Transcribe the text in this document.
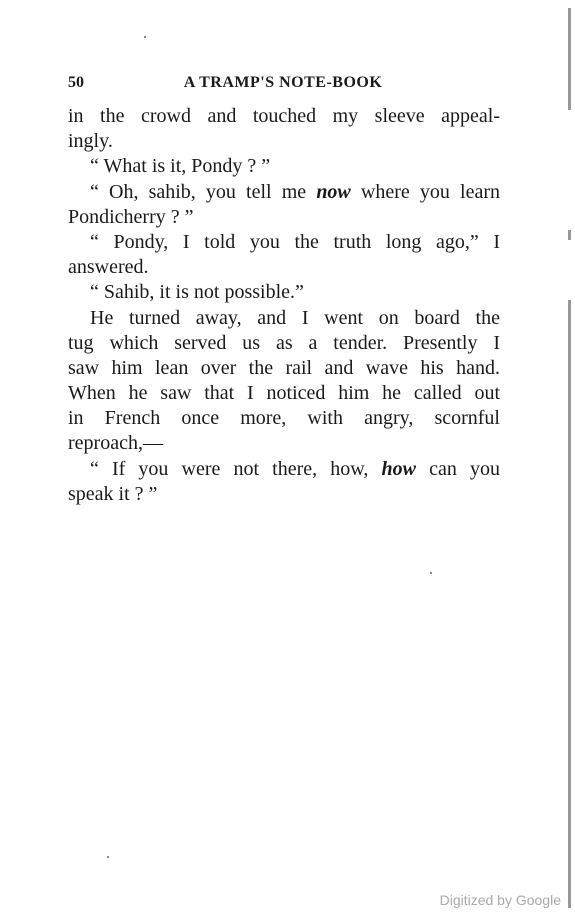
50	A TRAMP'S NOTE-BOOK
in the crowd and touched my sleeve appeal-
ingly.
“ What is it, Pondy ? ”
“ Oh, sahib, you tell me now where you learn
Pondicherry ? ”
“ Pondy, I told you the truth long ago,” I
answered.
“ Sahib, it is not possible.”
He turned away, and I went on board the
tug which served us as a tender. Presently I
saw him lean over the rail and wave his hand.
When he saw that I noticed him he called out
in French once more, with angry, scornful
reproach,—
“ If you were not there, how, how can you
speak it ? ”
Digitized by Google
